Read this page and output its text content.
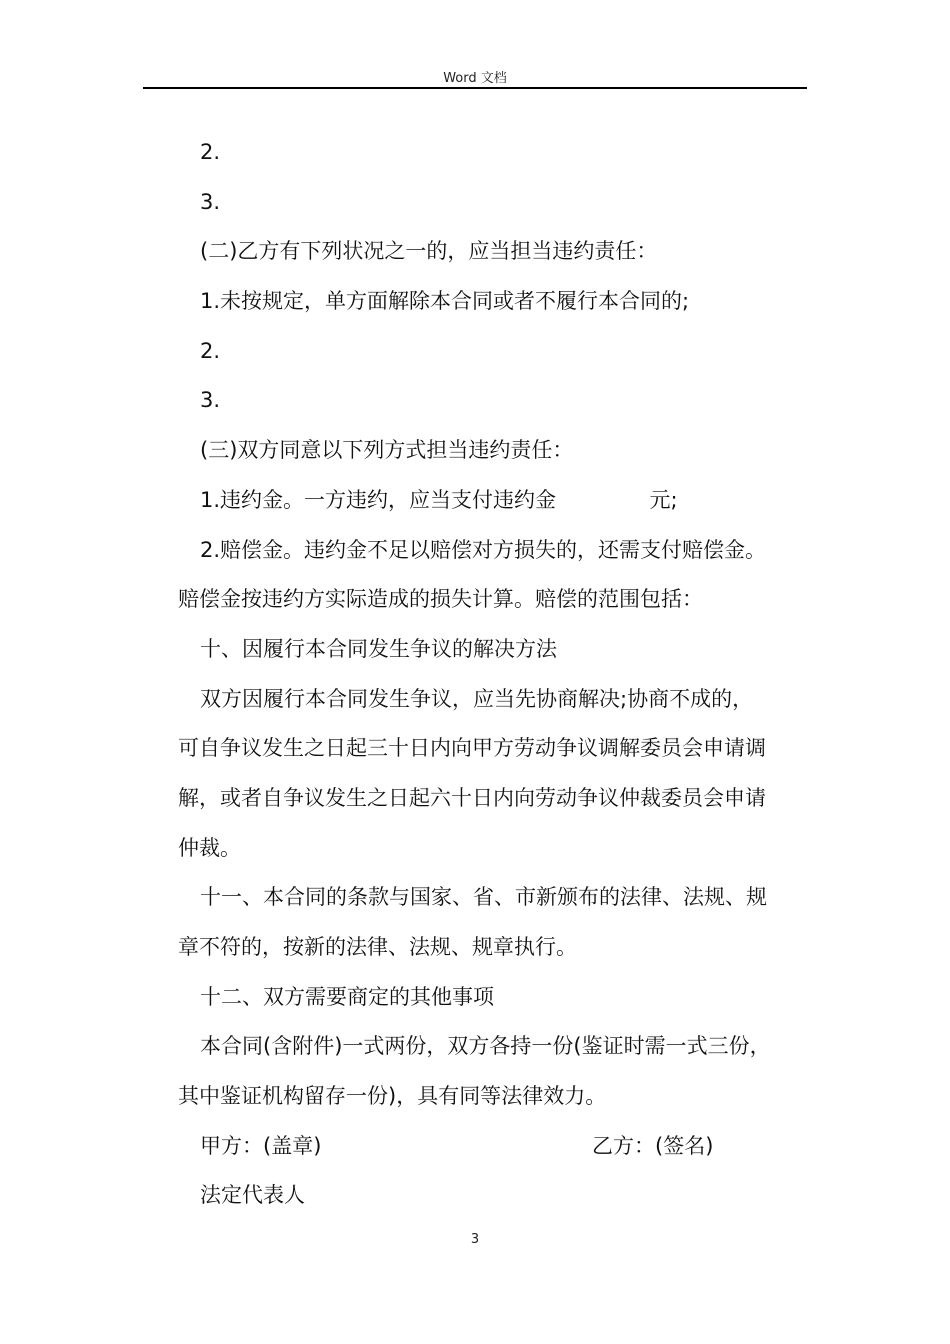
Word 文档

2.

3.

(二)乙方有下列状况之一的，应当担当违约责任：

1.未按规定，单方面解除本合同或者不履行本合同的;

2.

3.

(三)双方同意以下列方式担当违约责任：

1.违约金。一方违约，应当支付违约金              元;

2.赔偿金。违约金不足以赔偿对方损失的，还需支付赔偿金。

赔偿金按违约方实际造成的损失计算。赔偿的范围包括：

十、因履行本合同发生争议的解决方法

双方因履行本合同发生争议，应当先协商解决;协商不成的，

可自争议发生之日起三十日内向甲方劳动争议调解委员会申请调

解，或者自争议发生之日起六十日内向劳动争议仲裁委员会申请

仲裁。

十一、本合同的条款与国家、省、市新颁布的法律、法规、规

章不符的，按新的法律、法规、规章执行。

十二、双方需要商定的其他事项

本合同(含附件)一式两份，双方各持一份(鉴证时需一式三份，

其中鉴证机构留存一份)，具有同等法律效力。

甲方：(盖章)	乙方：(签名)

法定代表人

3
